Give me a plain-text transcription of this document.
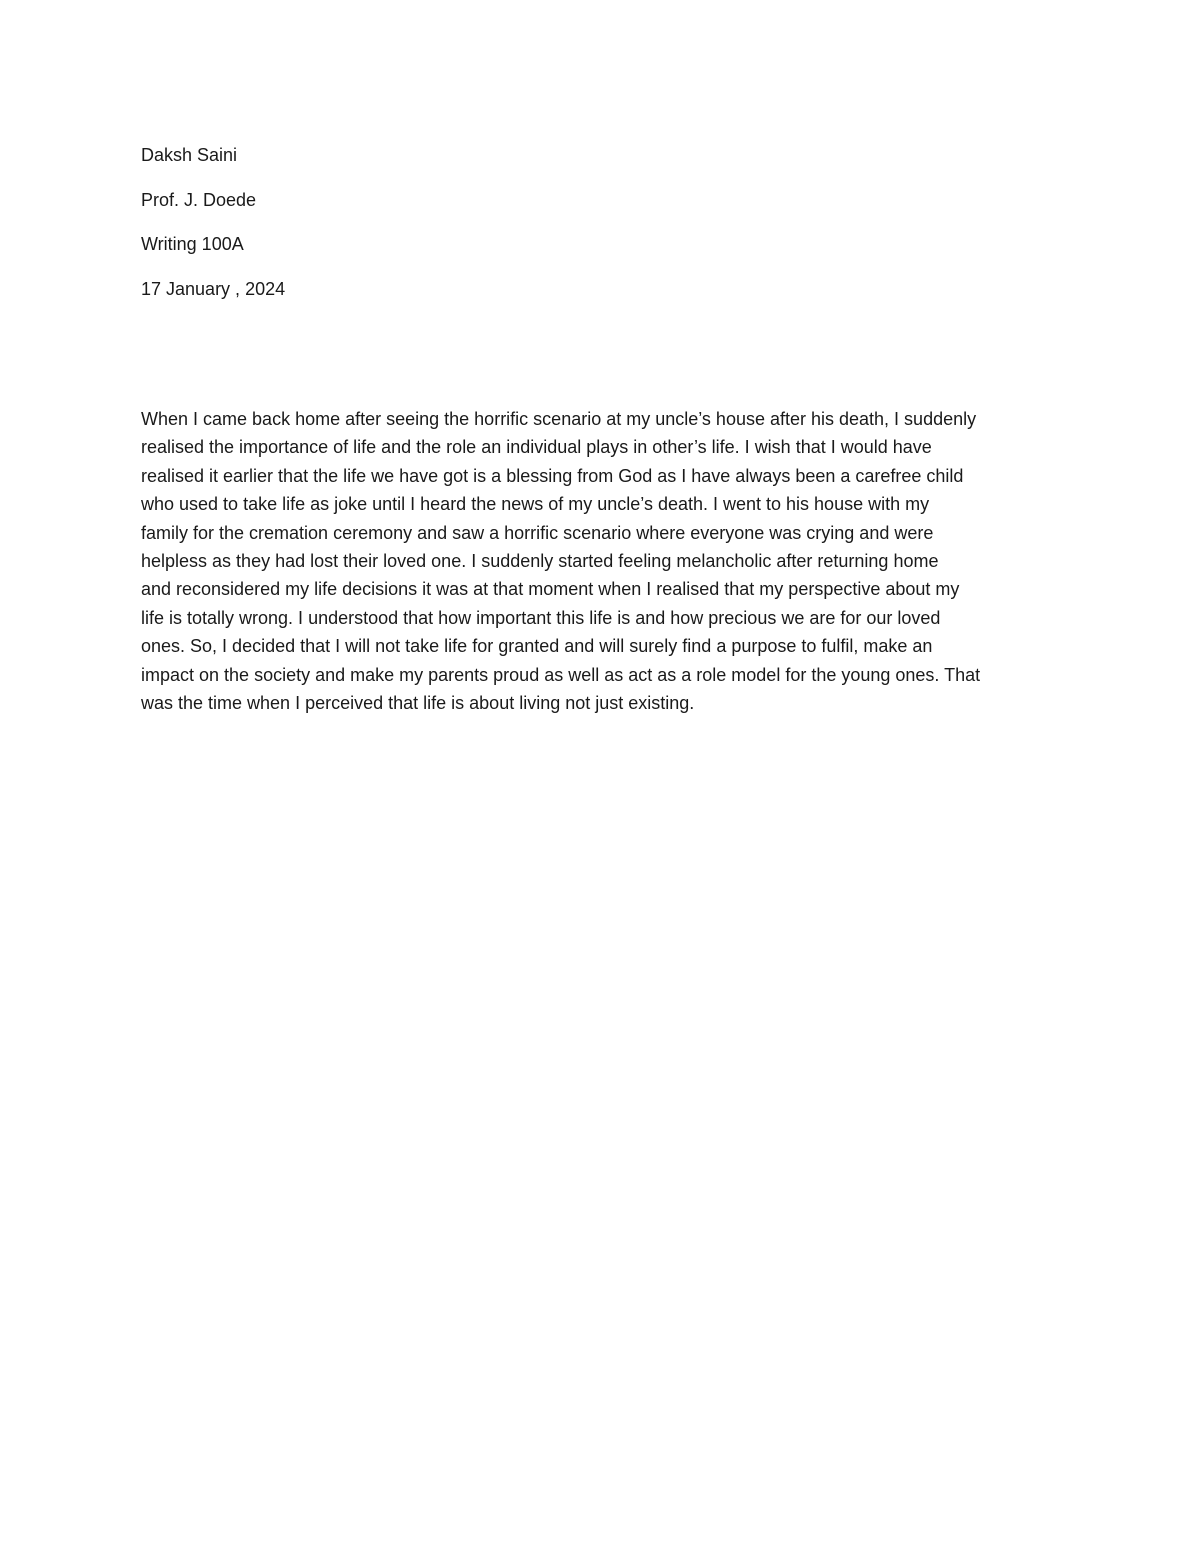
Daksh Saini

Prof. J. Doede

Writing 100A

17 January , 2024

When I came back home after seeing the horrific scenario at my uncle’s house after his death, I suddenly
realised the importance of life and the role an individual plays in other’s life. I wish that I would have
realised it earlier that the life we have got is a blessing from God as I have always been a carefree child
who used to take life as joke until I heard the news of my uncle’s death. I went to his house with my
family for the cremation ceremony and saw a horrific scenario where everyone was crying and were
helpless as they had lost their loved one. I suddenly started feeling melancholic after returning home
and reconsidered my life decisions it was at that moment when I realised that my perspective about my
life is totally wrong. I understood that how important this life is and how precious we are for our loved
ones. So, I decided that I will not take life for granted and will surely find a purpose to fulfil, make an
impact on the society and make my parents proud as well as act as a role model for the young ones. That
was the time when I perceived that life is about living not just existing.
